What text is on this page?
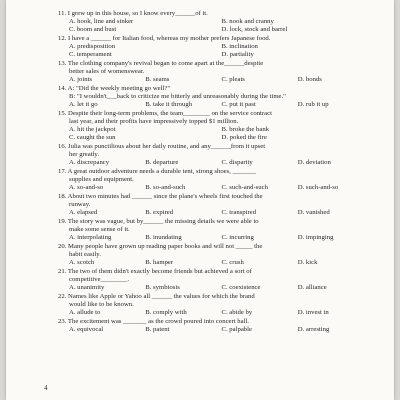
11. I grew up in this house, so I know every______of it.
A. hook, line and sinker	B. nook and cranny
C. boom and bust	D. lock, stock and barrel
12. I have a ______ for Italian food, whereas my mother prefers Japanese food.
A. predisposition	B. inclination
C. temperament	D. partiality
13. The clothing company's revival began to come apart at the______despite
better sales of womenswear.
A. joints	B. seams	C. pleats	D. bonds
14. A: "Did the weekly meeting go well?"
B: "I wouldn't___back to criticize me bitterly and unreasonably during the time."
A. let it go	B. take it through	C. put it past	D. rub it up
15. Despite their long-term problems, the team________ on the service contract
last year, and their profits have impressively topped $1 million.
A. hit the jackpot	B. broke the bank
C. caught the sun	D. poked the fire
16. Julia was punctilious about her daily routine, and any______from it upset
her greatly.
A. discrepancy	B. departure	C. disparity	D. deviation
17. A great outdoor adventure needs a durable tent, strong shoes, _______
supplies and equipment.
A. so-and-so	B. so-and-such	C. such-and-such	D. such-and-so
18. About two minutes had ______ since the plane's wheels first touched the
runway.
A. elapsed	B. expired	C. transpired	D. vanished
19. The story was vague, but by______ the missing details we were able to
make some sense of it.
A. interpolating	B. inundating	C. incurring	D. impinging
20. Many people have grown up reading paper books and will not _____ the
habit easily.
A. scotch	B. hamper	C. crush	D. kick
21. The two of them didn't exactly become friends but achieved a sort of
competitive________.
A. unanimity	B. symbiosis	C. coexistence	D. alliance
22. Names like Apple or Yahoo all ______ the values for which the brand
would like to be known.
A. allude to	B. comply with	C. abide by	D. invest in
23. The excitement was _______ as the crowd poured into concert hall.
A. equivocal	B. patent	C. palpable	D. arresting
4
